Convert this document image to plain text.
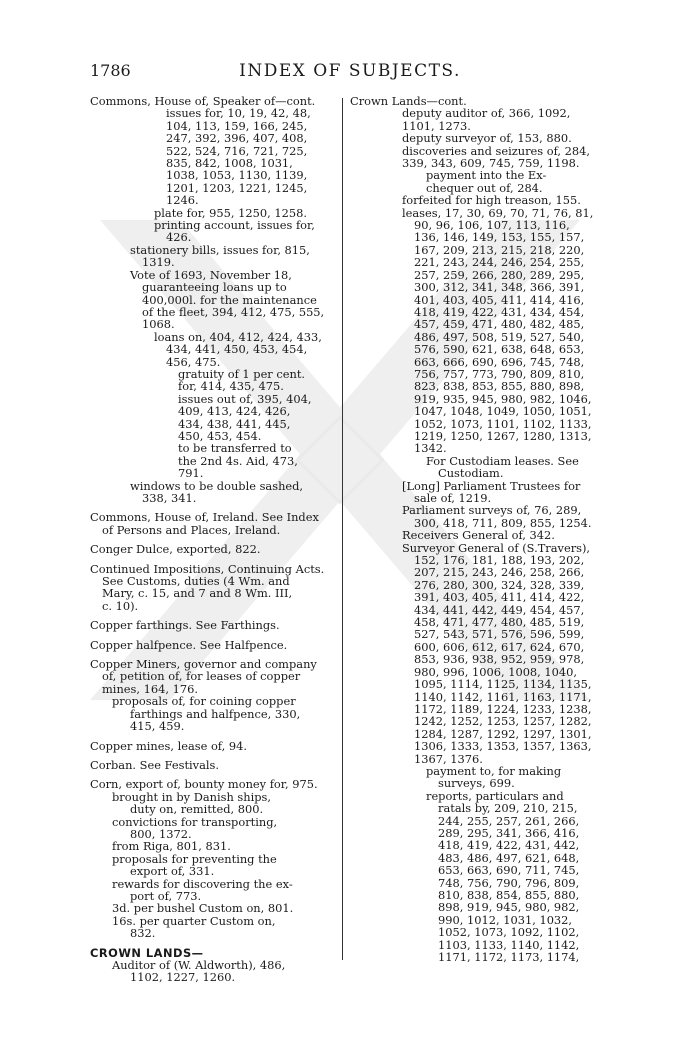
1786	INDEX OF SUBJECTS.
Commons, House of, Speaker of—cont.
issues for, 10, 19, 42, 48,
104, 113, 159, 166, 245,
247, 392, 396, 407, 408,
522, 524, 716, 721, 725,
835, 842, 1008, 1031,
1038, 1053, 1130, 1139,
1201, 1203, 1221, 1245,
1246.
plate for, 955, 1250, 1258.
printing account, issues for,
426.
stationery bills, issues for, 815,
1319.
Vote of 1693, November 18,
guaranteeing loans up to
400,000l. for the maintenance
of the fleet, 394, 412, 475, 555,
1068.
loans on, 404, 412, 424, 433,
434, 441, 450, 453, 454,
456, 475.
gratuity of 1 per cent.
for, 414, 435, 475.
issues out of, 395, 404,
409, 413, 424, 426,
434, 438, 441, 445,
450, 453, 454.
to be transferred to
the 2nd 4s. Aid, 473,
791.
windows to be double sashed,
338, 341.
Commons, House of, Ireland. See Index
of Persons and Places, Ireland.
Conger Dulce, exported, 822.
Continued Impositions, Continuing Acts.
See Customs, duties (4 Wm. and
Mary, c. 15, and 7 and 8 Wm. III,
c. 10).
Copper farthings. See Farthings.
Copper halfpence. See Halfpence.
Copper Miners, governor and company
of, petition of, for leases of copper
mines, 164, 176.
proposals of, for coining copper
farthings and halfpence, 330,
415, 459.
Copper mines, lease of, 94.
Corban. See Festivals.
Corn, export of, bounty money for, 975.
brought in by Danish ships,
duty on, remitted, 800.
convictions for transporting,
800, 1372.
from Riga, 801, 831.
proposals for preventing the
export of, 331.
rewards for discovering the ex-
port of, 773.
3d. per bushel Custom on, 801.
16s. per quarter Custom on,
832.
CROWN LANDS—
Auditor of (W. Aldworth), 486,
1102, 1227, 1260.
Crown Lands—cont.
deputy auditor of, 366, 1092,
1101, 1273.
deputy surveyor of, 153, 880.
discoveries and seizures of, 284,
339, 343, 609, 745, 759, 1198.
payment into the Ex-
chequer out of, 284.
forfeited for high treason, 155.
leases, 17, 30, 69, 70, 71, 76, 81,
90, 96, 106, 107, 113, 116,
136, 146, 149, 153, 155, 157,
167, 209, 213, 215, 218, 220,
221, 243, 244, 246, 254, 255,
257, 259, 266, 280, 289, 295,
300, 312, 341, 348, 366, 391,
401, 403, 405, 411, 414, 416,
418, 419, 422, 431, 434, 454,
457, 459, 471, 480, 482, 485,
486, 497, 508, 519, 527, 540,
576, 590, 621, 638, 648, 653,
663, 666, 690, 696, 745, 748,
756, 757, 773, 790, 809, 810,
823, 838, 853, 855, 880, 898,
919, 935, 945, 980, 982, 1046,
1047, 1048, 1049, 1050, 1051,
1052, 1073, 1101, 1102, 1133,
1219, 1250, 1267, 1280, 1313,
1342.
For Custodiam leases. See
Custodiam.
[Long] Parliament Trustees for
sale of, 1219.
Parliament surveys of, 76, 289,
300, 418, 711, 809, 855, 1254.
Receivers General of, 342.
Surveyor General of (S.Travers),
152, 176, 181, 188, 193, 202,
207, 215, 243, 246, 258, 266,
276, 280, 300, 324, 328, 339,
391, 403, 405, 411, 414, 422,
434, 441, 442, 449, 454, 457,
458, 471, 477, 480, 485, 519,
527, 543, 571, 576, 596, 599,
600, 606, 612, 617, 624, 670,
853, 936, 938, 952, 959, 978,
980, 996, 1006, 1008, 1040,
1095, 1114, 1125, 1134, 1135,
1140, 1142, 1161, 1163, 1171,
1172, 1189, 1224, 1233, 1238,
1242, 1252, 1253, 1257, 1282,
1284, 1287, 1292, 1297, 1301,
1306, 1333, 1353, 1357, 1363,
1367, 1376.
payment to, for making
surveys, 699.
reports, particulars and
ratals by, 209, 210, 215,
244, 255, 257, 261, 266,
289, 295, 341, 366, 416,
418, 419, 422, 431, 442,
483, 486, 497, 621, 648,
653, 663, 690, 711, 745,
748, 756, 790, 796, 809,
810, 838, 854, 855, 880,
898, 919, 945, 980, 982,
990, 1012, 1031, 1032,
1052, 1073, 1092, 1102,
1103, 1133, 1140, 1142,
1171, 1172, 1173, 1174,
